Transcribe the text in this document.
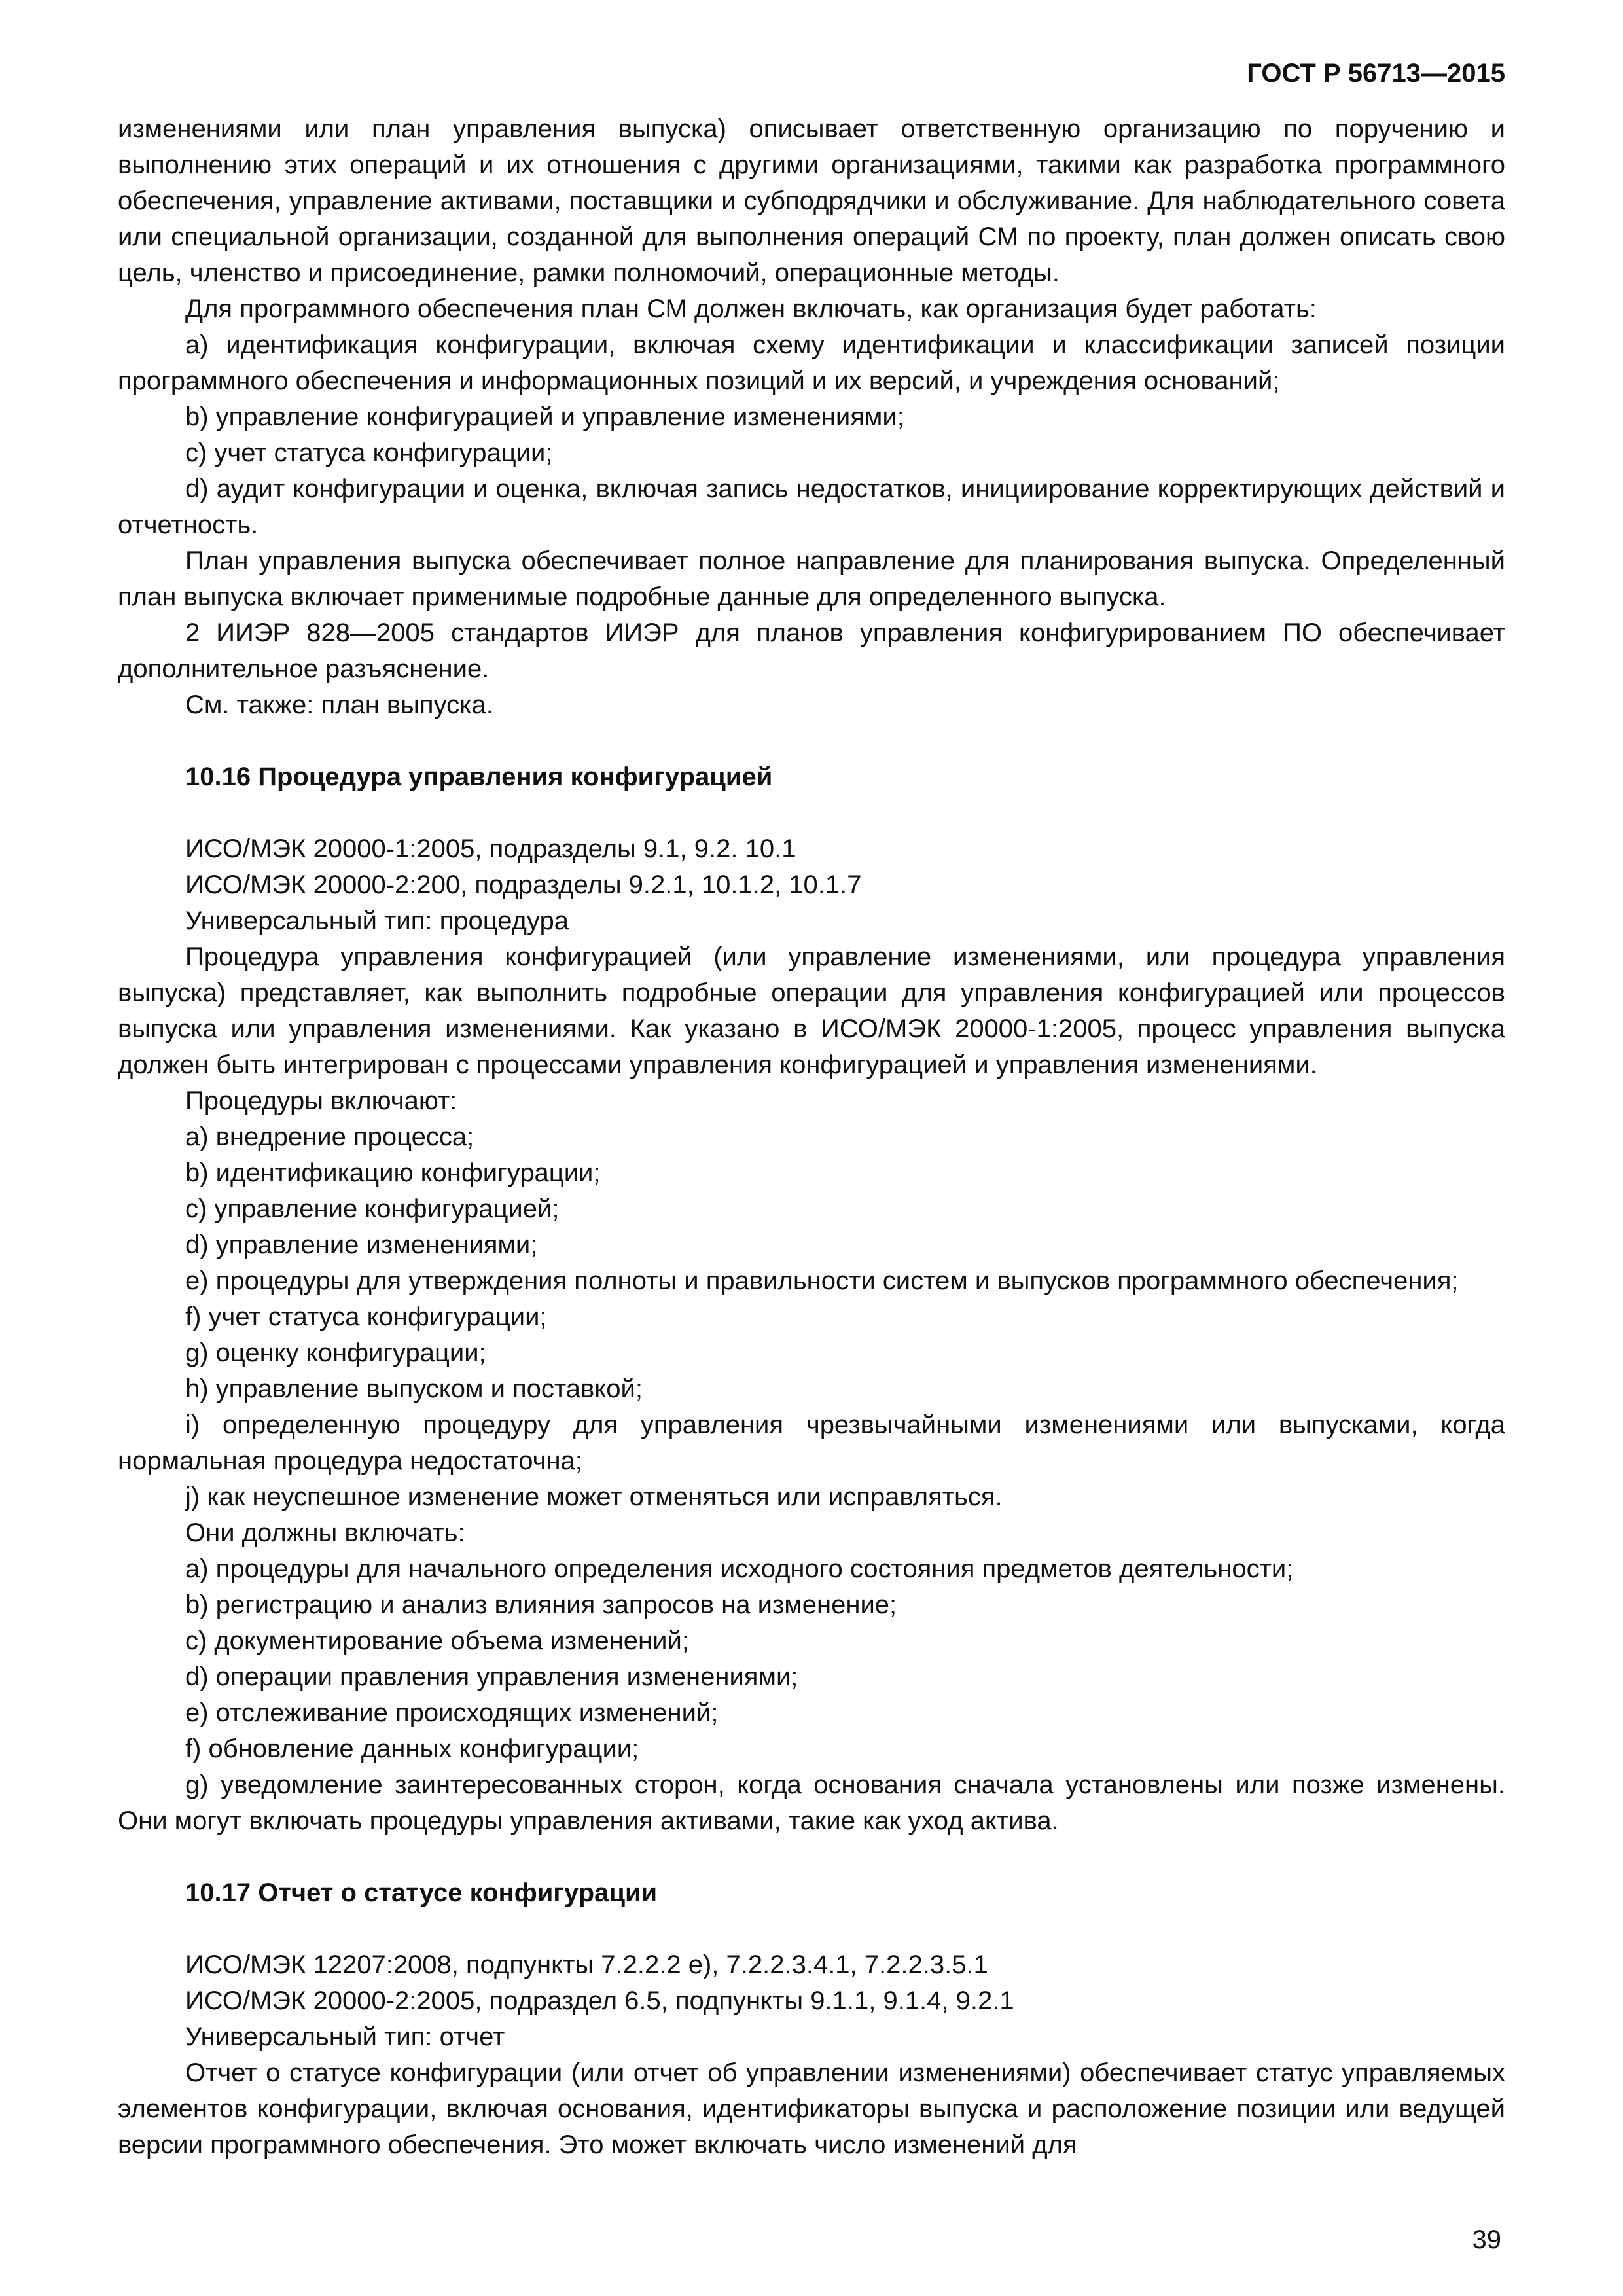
ГОСТ Р 56713—2015

изменениями или план управления выпуска) описывает ответственную организацию по поручению и выполнению этих операций и их отношения с другими организациями, такими как разработка программного обеспечения, управление активами, поставщики и субподрядчики и обслуживание. Для наблюдательного совета или специальной организации, созданной для выполнения операций СМ по проекту, план должен описать свою цель, членство и присоединение, рамки полномочий, операционные методы.

Для программного обеспечения план СМ должен включать, как организация будет работать:

a) идентификация конфигурации, включая схему идентификации и классификации записей позиции программного обеспечения и информационных позиций и их версий, и учреждения оснований;

b) управление конфигурацией и управление изменениями;

c) учет статуса конфигурации;

d) аудит конфигурации и оценка, включая запись недостатков, инициирование корректирующих действий и отчетность.

План управления выпуска обеспечивает полное направление для планирования выпуска. Определенный план выпуска включает применимые подробные данные для определенного выпуска.

2 ИИЭР 828—2005 стандартов ИИЭР для планов управления конфигурированием ПО обеспечивает дополнительное разъяснение.

См. также: план выпуска.

10.16 Процедура управления конфигурацией

ИСО/МЭК 20000-1:2005, подразделы 9.1, 9.2. 10.1

ИСО/МЭК 20000-2:200, подразделы 9.2.1, 10.1.2, 10.1.7

Универсальный тип: процедура

Процедура управления конфигурацией (или управление изменениями, или процедура управления выпуска) представляет, как выполнить подробные операции для управления конфигурацией или процессов выпуска или управления изменениями. Как указано в ИСО/МЭК 20000-1:2005, процесс управления выпуска должен быть интегрирован с процессами управления конфигурацией и управления изменениями.

Процедуры включают:

a) внедрение процесса;

b) идентификацию конфигурации;

c) управление конфигурацией;

d) управление изменениями;

e) процедуры для утверждения полноты и правильности систем и выпусков программного обеспечения;

f) учет статуса конфигурации;

g) оценку конфигурации;

h) управление выпуском и поставкой;

i) определенную процедуру для управления чрезвычайными изменениями или выпусками, когда нормальная процедура недостаточна;

j) как неуспешное изменение может отменяться или исправляться.

Они должны включать:

a) процедуры для начального определения исходного состояния предметов деятельности;

b) регистрацию и анализ влияния запросов на изменение;

c) документирование объема изменений;

d) операции правления управления изменениями;

e) отслеживание происходящих изменений;

f) обновление данных конфигурации;

g) уведомление заинтересованных сторон, когда основания сначала установлены или позже изменены. Они могут включать процедуры управления активами, такие как уход актива.

10.17 Отчет о статусе конфигурации

ИСО/МЭК 12207:2008, подпункты 7.2.2.2 e), 7.2.2.3.4.1, 7.2.2.3.5.1

ИСО/МЭК 20000-2:2005, подраздел 6.5, подпункты 9.1.1, 9.1.4, 9.2.1

Универсальный тип: отчет

Отчет о статусе конфигурации (или отчет об управлении изменениями) обеспечивает статус управляемых элементов конфигурации, включая основания, идентификаторы выпуска и расположение позиции или ведущей версии программного обеспечения. Это может включать число изменений для

39
